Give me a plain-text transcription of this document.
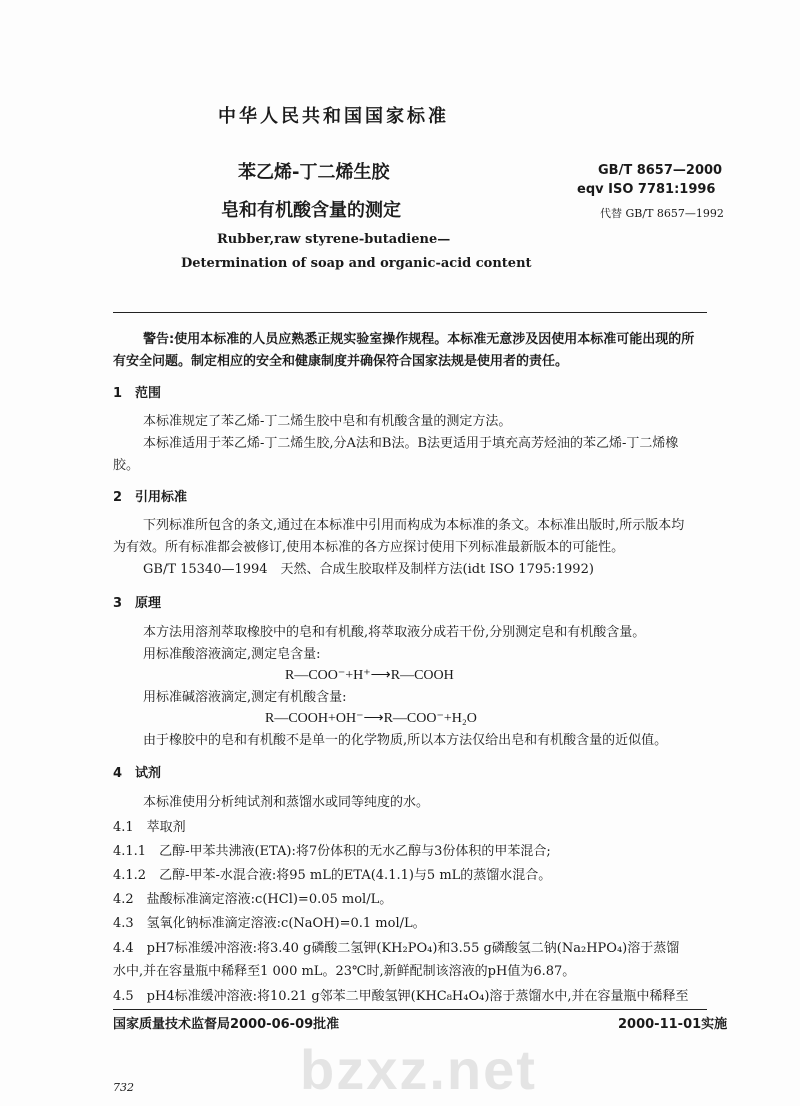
bzxz.net
中华人民共和国国家标准
苯乙烯-丁二烯生胶
皂和有机酸含量的测定
GB/T 8657—2000
eqv ISO 7781:1996
代替 GB/T 8657—1992
Rubber,raw styrene-butadiene—
Determination of soap and organic-acid content
警告:使用本标准的人员应熟悉正规实验室操作规程。本标准无意涉及因使用本标准可能出现的所
有安全问题。制定相应的安全和健康制度并确保符合国家法规是使用者的责任。
1　范围
本标准规定了苯乙烯-丁二烯生胶中皂和有机酸含量的测定方法。
本标准适用于苯乙烯-丁二烯生胶,分A法和B法。B法更适用于填充高芳烃油的苯乙烯-丁二烯橡
胶。
2　引用标准
下列标准所包含的条文,通过在本标准中引用而构成为本标准的条文。本标准出版时,所示版本均
为有效。所有标准都会被修订,使用本标准的各方应探讨使用下列标准最新版本的可能性。
GB/T 15340—1994　天然、合成生胶取样及制样方法(idt ISO 1795:1992)
3　原理
本方法用溶剂萃取橡胶中的皂和有机酸,将萃取液分成若干份,分别测定皂和有机酸含量。
用标准酸溶液滴定,测定皂含量:
R—COO⁻+H⁺⟶R—COOH
用标准碱溶液滴定,测定有机酸含量:
R—COOH+OH⁻⟶R—COO⁻+H₂O
由于橡胶中的皂和有机酸不是单一的化学物质,所以本方法仅给出皂和有机酸含量的近似值。
4　试剂
本标准使用分析纯试剂和蒸馏水或同等纯度的水。
4.1　萃取剂
4.1.1　乙醇-甲苯共沸液(ETA):将7份体积的无水乙醇与3份体积的甲苯混合;
4.1.2　乙醇-甲苯-水混合液:将95 mL的ETA(4.1.1)与5 mL的蒸馏水混合。
4.2　盐酸标准滴定溶液:c(HCl)=0.05 mol/L。
4.3　氢氧化钠标准滴定溶液:c(NaOH)=0.1 mol/L。
4.4　pH7标准缓冲溶液:将3.40 g磷酸二氢钾(KH₂PO₄)和3.55 g磷酸氢二钠(Na₂HPO₄)溶于蒸馏
水中,并在容量瓶中稀释至1 000 mL。23℃时,新鲜配制该溶液的pH值为6.87。
4.5　pH4标准缓冲溶液:将10.21 g邻苯二甲酸氢钾(KHC₈H₄O₄)溶于蒸馏水中,并在容量瓶中稀释至
国家质量技术监督局2000-06-09批准	2000-11-01实施
732
